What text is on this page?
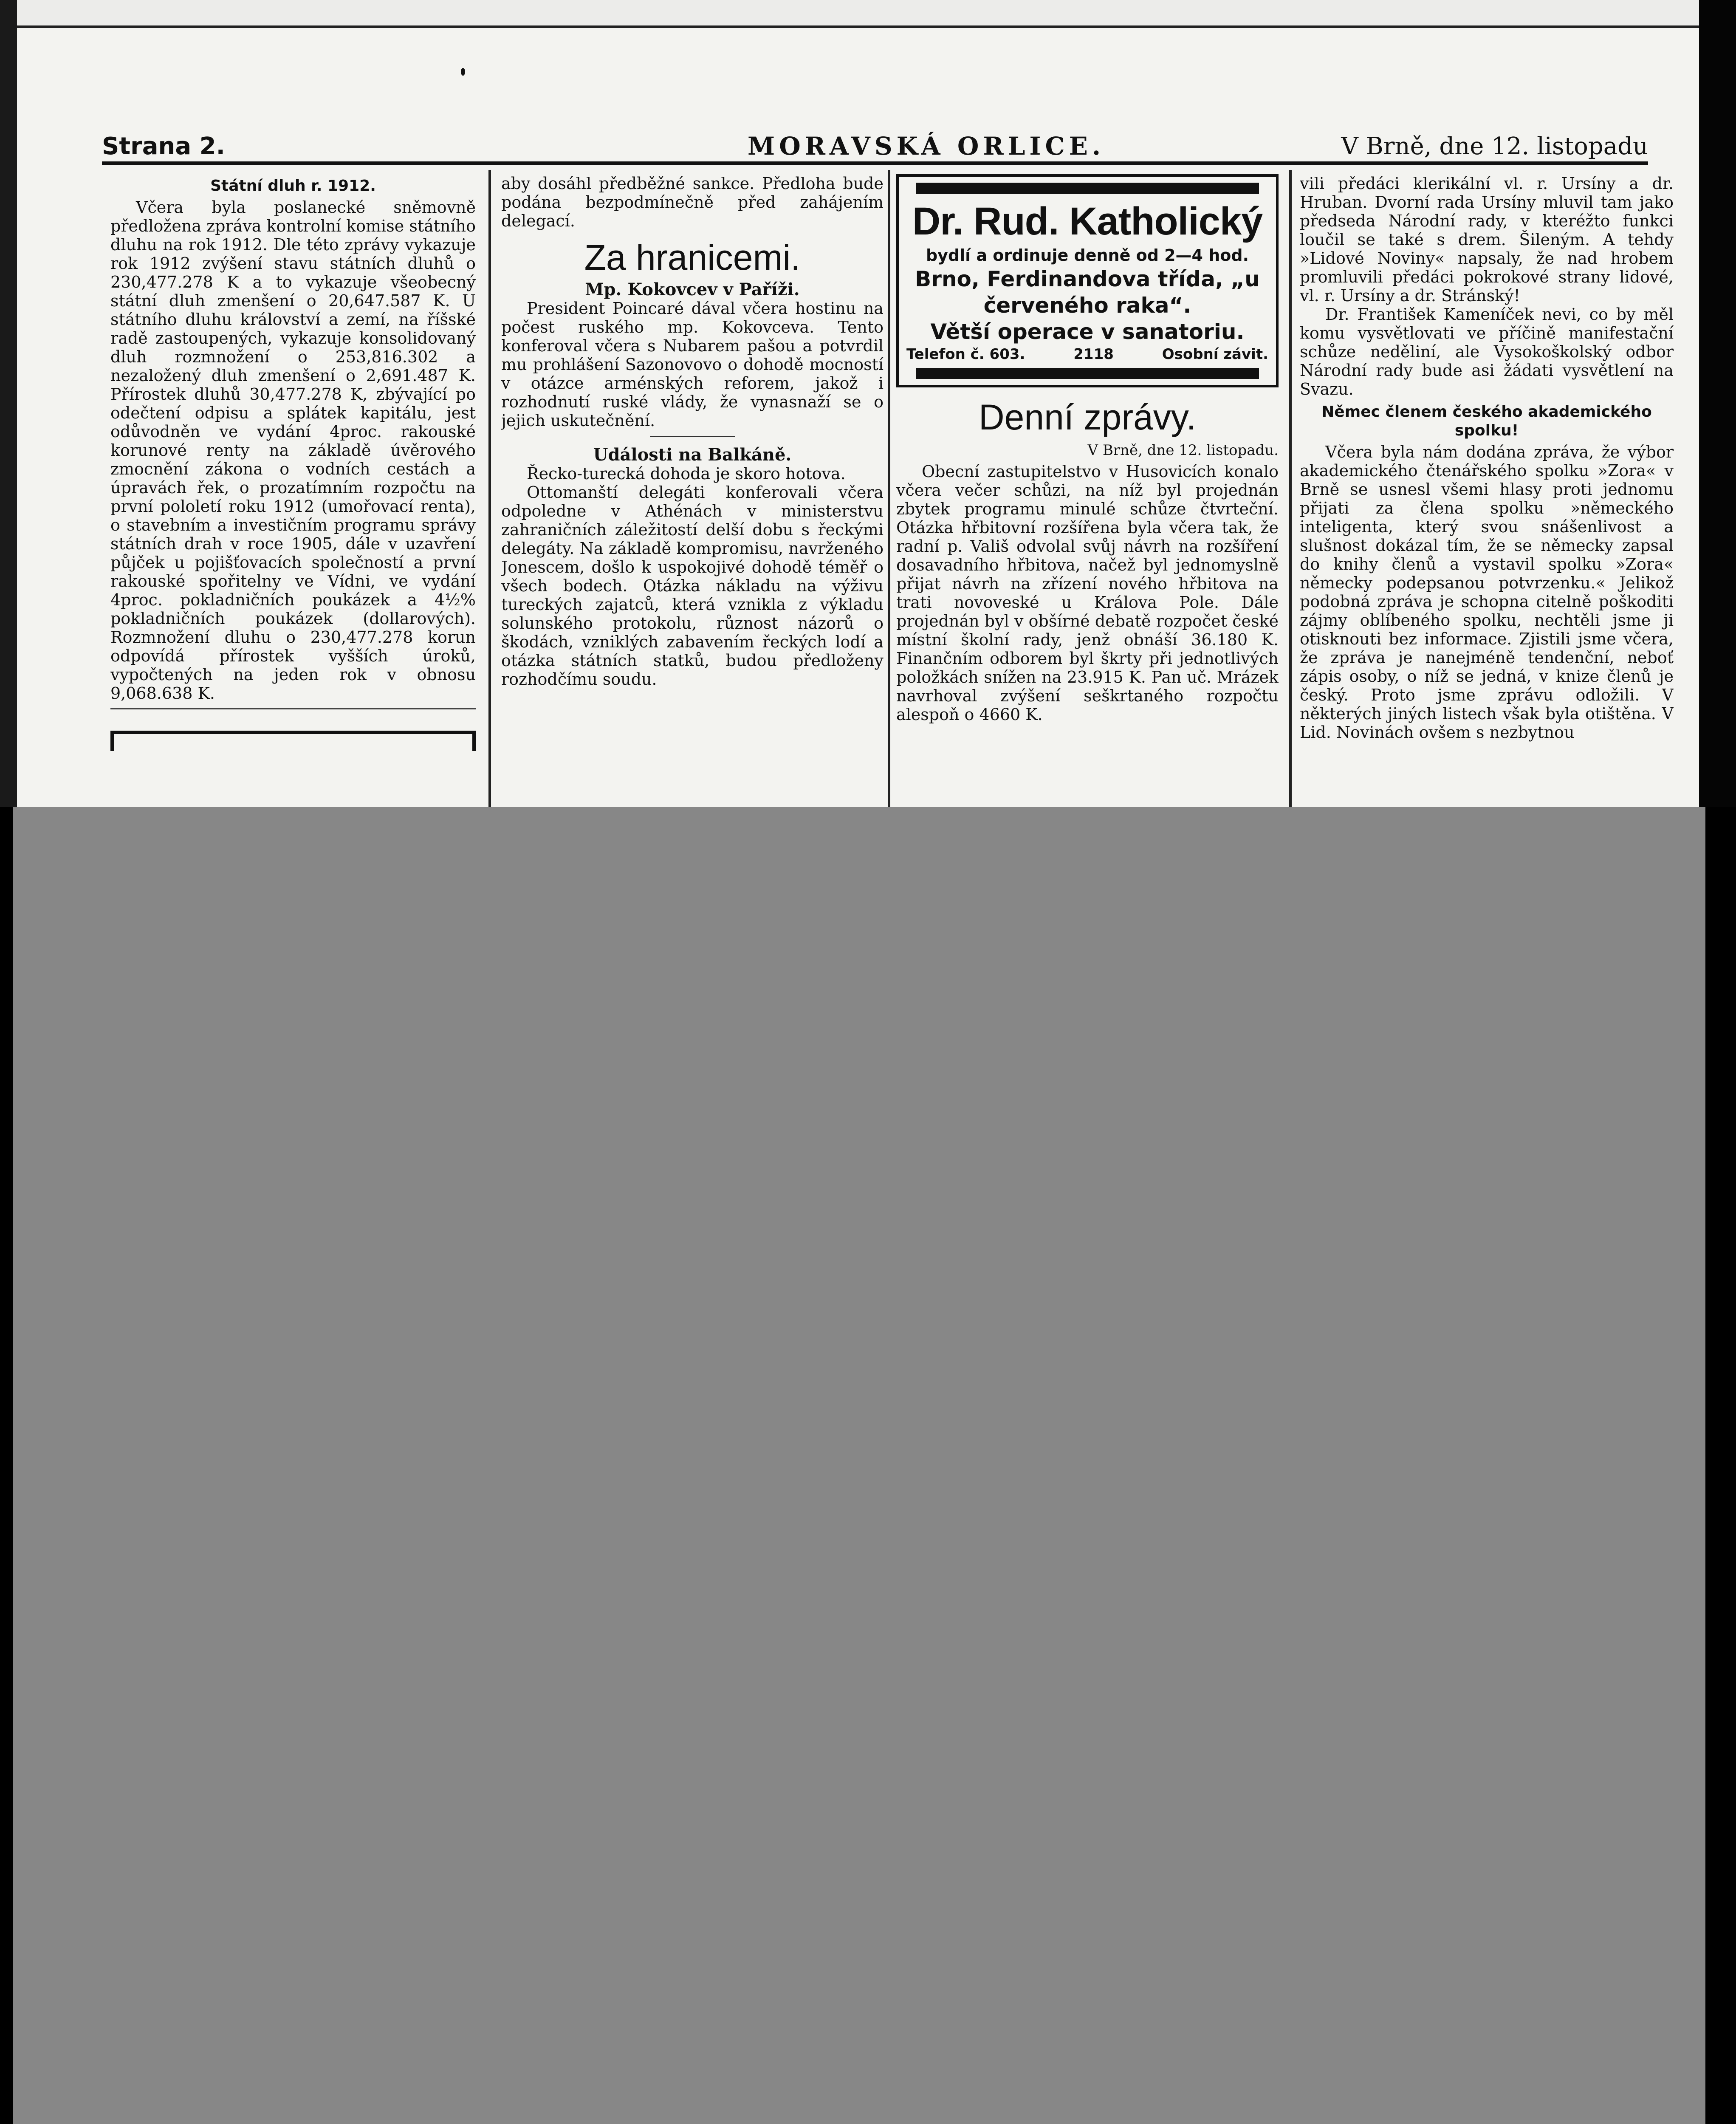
Strana 2.	MORAVSKÁ ORLICE.	V Brně, dne 12. listopadu
Státní dluh r. 1912.

Včera byla poslanecké sněmovně předložena zpráva kontrolní komise státního dluhu na rok 1912. Dle této zprávy vykazuje rok 1912 zvýšení stavu státních dluhů o 230,477.278 K a to vykazuje všeobecný státní dluh zmenšení o 20,647.587 K. U státního dluhu království a zemí, na říšské radě zastoupených, vykazuje konsolidovaný dluh rozmnožení o 253,816.302 a nezaložený dluh zmenšení o 2,691.487 K. Přírostek dluhů 30,477.278 K, zbývající po odečtení odpisu a splátek kapitálu, jest odůvodněn ve vydání 4proc. rakouské korunové renty na základě úvěrového zmocnění zákona o vodních cestách a úpravách řek, o prozatímním rozpočtu na první pololetí roku 1912 (umořovací renta), o stavebním a investičním programu správy státních drah v roce 1905, dále v uzavření půjček u pojišťovacích společností a první rakouské spořitelny ve Vídni, ve vydání 4proc. pokladničních poukázek a 4½% pokladničních poukázek (dollarových). Rozmnožení dluhu o 230,477.278 korun odpovídá přírostek vyšších úroků, vypočtených na jeden rok v obnosu 9,068.638 K.

aby dosáhl předběžné sankce. Předloha bude podána bezpodmínečně před zahájením delegací.

Za hranicemi.
Mp. Kokovcev v Paříži.

President Poincaré dával včera hostinu na počest ruského mp. Kokovceva. Tento konferoval včera s Nubarem pašou a potvrdil mu prohlášení Sazonovovo o dohodě mocností v otázce arménských reforem, jakož i rozhodnutí ruské vlády, že vynasnaží se o jejich uskutečnění.

Události na Balkáně.

Řecko-turecká dohoda je skoro hotova.

Ottomanští delegáti konferovali včera odpoledne v Athénách v ministerstvu zahraničních záležitostí delší dobu s řeckými delegáty. Na základě kompromisu, navrženého Jonescem, došlo k uspokojivé dohodě téměř o všech bodech. Otázka nákladu na výživu tureckých zajatců, která vznikla z výkladu solunského protokolu, různost názorů o škodách, vzniklých zabavením řeckých lodí a otázka státních statků, budou předloženy rozhodčímu soudu.

Dr. Rud. Katholický
bydlí a ordinuje denně od 2—4 hod.
Brno, Ferdinandova třída, „u červeného raka“.
Větší operace v sanatoriu.
Telefon č. 603.	2118	Osobní závit.
Denní zprávy.
V Brně, dne 12. listopadu.

Obecní zastupitelstvo v Husovicích konalo včera večer schůzi, na níž byl projednán zbytek programu minulé schůze čtvrteční. Otázka hřbitovní rozšířena byla včera tak, že radní p. Vališ odvolal svůj návrh na rozšíření dosavadního hřbitova, načež byl jednomyslně přijat návrh na zřízení nového hřbitova na trati novoveské u Králova Pole. Dále projednán byl v obšírné debatě rozpočet české místní školní rady, jenž obnáší 36.180 K. Finančním odborem byl škrty při jednotlivých položkách snížen na 23.915 K. Pan uč. Mrázek navrhoval zvýšení seškrtaného rozpočtu alespoň o 4660 K.

vili předáci klerikální vl. r. Ursíny a dr. Hruban. Dvorní rada Ursíny mluvil tam jako předseda Národní rady, v kteréžto funkci loučil se také s drem. Šileným. A tehdy »Lidové Noviny« napsaly, že nad hrobem promluvili předáci pokrokové strany lidové, vl. r. Ursíny a dr. Stránský!

Dr. František Kameníček nevi, co by měl komu vysvětlovati ve příčině manifestační schůze neděliní, ale Vysokoškolský odbor Národní rady bude asi žádati vysvětlení na Svazu.

Němec členem českého akademického spolku!

Včera byla nám dodána zpráva, že výbor akademického čtenářského spolku »Zora« v Brně se usnesl všemi hlasy proti jednomu přijati za člena spolku »německého inteligenta, který svou snášenlivost a slušnost dokázal tím, že se německy zapsal do knihy členů a vystavil spolku »Zora« německy podepsanou potvrzenku.« Jelikož podobná zpráva je schopna citelně poškoditi zájmy oblíbeného spolku, nechtěli jsme ji otisknouti bez informace. Zjistili jsme včera, že zpráva je nanejméně tendenční, neboť zápis osoby, o níž se jedná, v knize členů je český. Proto jsme zprávu odložili. V některých jiných listech však byla otištěna. V Lid. Novinách ovšem s nezbytnou
